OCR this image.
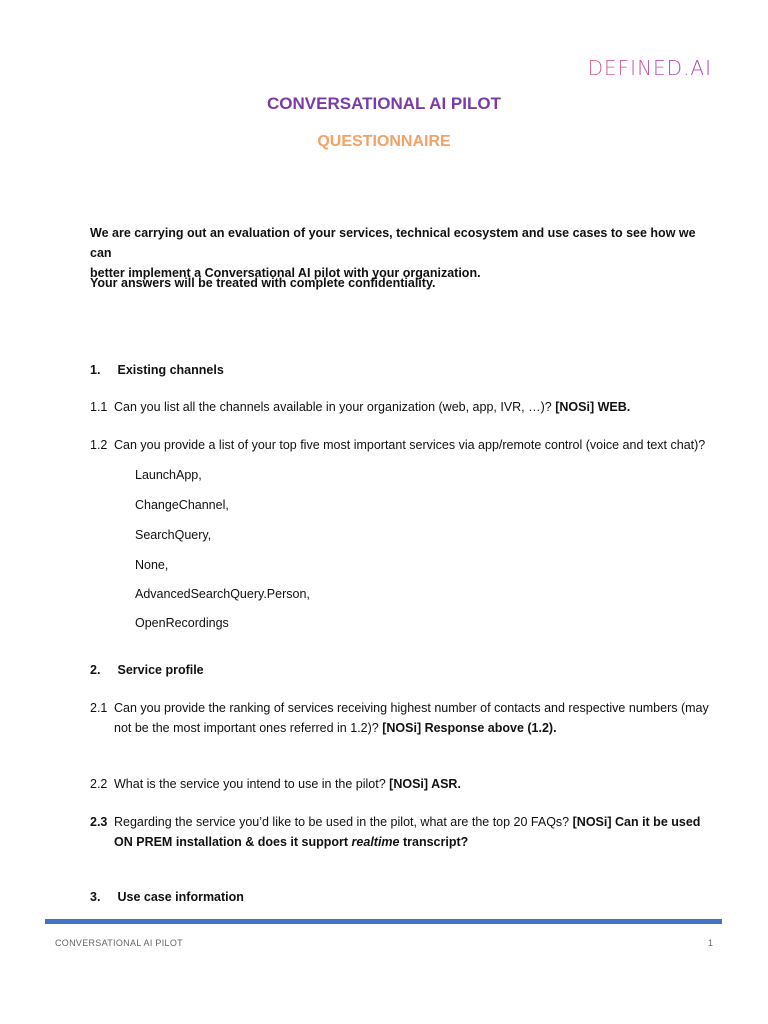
DEFINED.AI
CONVERSATIONAL AI PILOT
QUESTIONNAIRE
We are carrying out an evaluation of your services, technical ecosystem and use cases to see how we can
better implement a Conversational AI pilot with your organization.
Your answers will be treated with complete confidentiality.
1. Existing channels
1.1 Can you list all the channels available in your organization (web, app, IVR, …)? [NOSi] WEB.
1.2 Can you provide a list of your top five most important services via app/remote control (voice and text chat)?
LaunchApp,
ChangeChannel,
SearchQuery,
None,
AdvancedSearchQuery.Person,
OpenRecordings
2. Service profile
2.1 Can you provide the ranking of services receiving highest number of contacts and respective numbers (may
not be the most important ones referred in 1.2)? [NOSi] Response above (1.2).
2.2 What is the service you intend to use in the pilot? [NOSi] ASR.
2.3 Regarding the service you’d like to be used in the pilot, what are the top 20 FAQs? [NOSi] Can it be used ON PREM installation & does it support realtime transcript?
3. Use case information
CONVERSATIONAL AI PILOT	1
